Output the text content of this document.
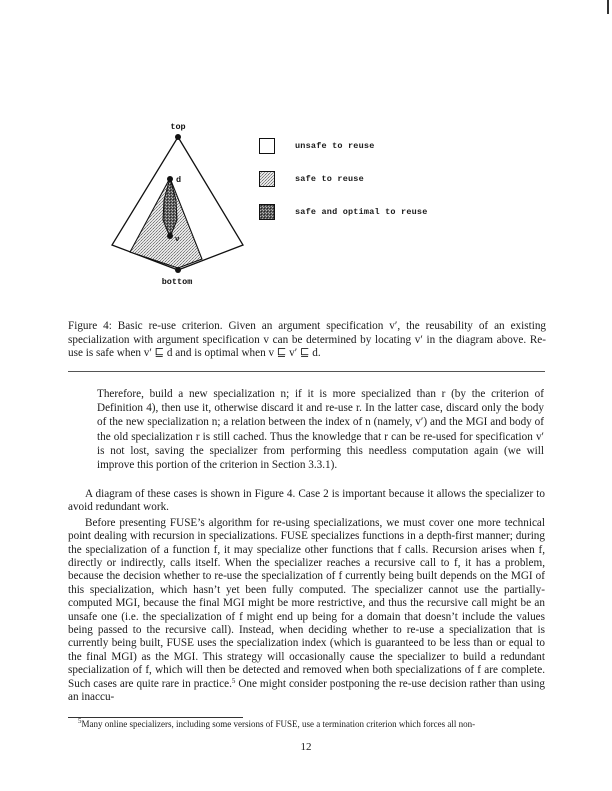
top
d
v
bottom
unsafe to reuse
safe to reuse
safe and optimal to reuse
Figure 4: Basic re-use criterion. Given an argument specification v′, the reusability of an existing specialization with argument specification v can be determined by locating v′ in the diagram above. Re-use is safe when v′ ⊑ d and is optimal when v ⊑ v′ ⊑ d.
Therefore, build a new specialization n; if it is more specialized than r (by the criterion of Definition 4), then use it, otherwise discard it and re-use r. In the latter case, discard only the body of the new specialization n; a relation between the index of n (namely, v′) and the MGI and body of the old specialization r is still cached. Thus the knowledge that r can be re-used for specification v′ is not lost, saving the specializer from performing this needless computation again (we will improve this portion of the criterion in Section 3.3.1).

A diagram of these cases is shown in Figure 4. Case 2 is important because it allows the specializer to avoid redundant work.

Before presenting FUSE’s algorithm for re-using specializations, we must cover one more technical point dealing with recursion in specializations. FUSE specializes functions in a depth-first manner; during the specialization of a function f, it may specialize other functions that f calls. Recursion arises when f, directly or indirectly, calls itself. When the specializer reaches a recursive call to f, it has a problem, because the decision whether to re-use the specialization of f currently being built depends on the MGI of this specialization, which hasn’t yet been fully computed. The specializer cannot use the partially-computed MGI, because the final MGI might be more restrictive, and thus the recursive call might be an unsafe one (i.e. the specialization of f might end up being for a domain that doesn’t include the values being passed to the recursive call). Instead, when deciding whether to re-use a specialization that is currently being built, FUSE uses the specialization index (which is guaranteed to be less than or equal to the final MGI) as the MGI. This strategy will occasionally cause the specializer to build a redundant specialization of f, which will then be detected and removed when both specializations of f are complete. Such cases are quite rare in practice.$^5$ One might consider postponing the re-use decision rather than using an inaccu-

$^5$Many online specializers, including some versions of FUSE, use a termination criterion which forces all non-
12
